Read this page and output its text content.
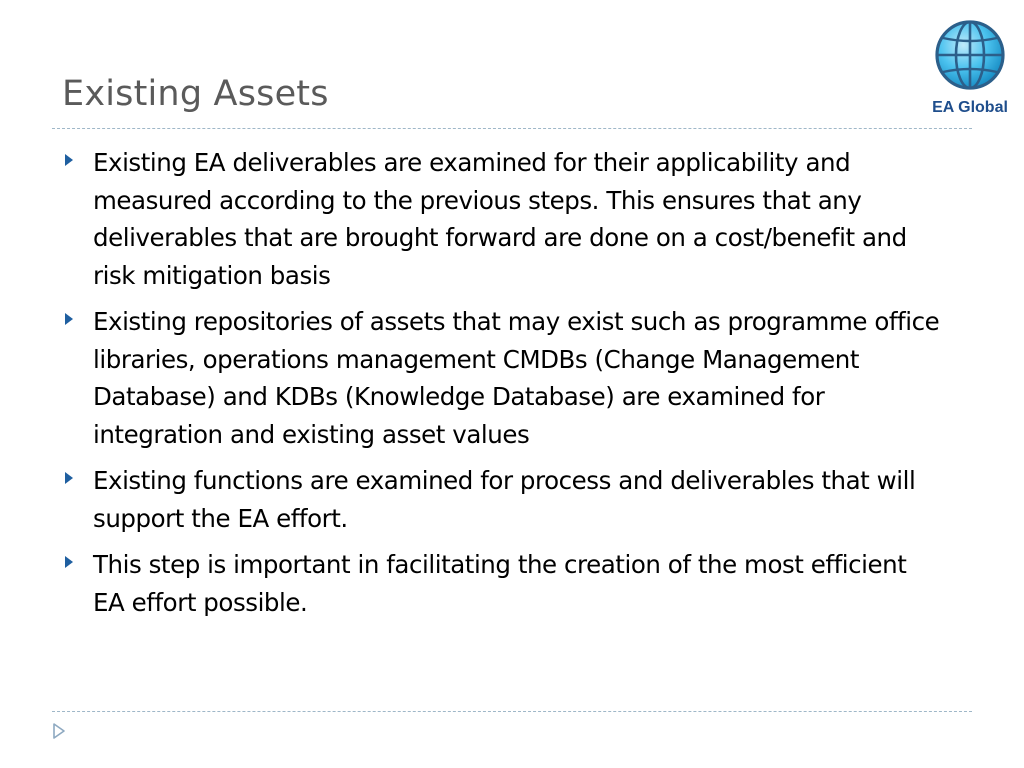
Existing Assets	EA Global
Existing EA deliverables are examined for their applicability and measured according to the previous steps. This ensures that any deliverables that are brought forward are done on a cost/benefit and risk mitigation basis
Existing repositories of assets that may exist such as programme office libraries, operations management CMDBs (Change Management Database) and KDBs (Knowledge Database) are examined for integration and existing asset values
Existing functions are examined for process and deliverables that will support the EA effort.
This step is important in facilitating the creation of the most efficient EA effort possible.
